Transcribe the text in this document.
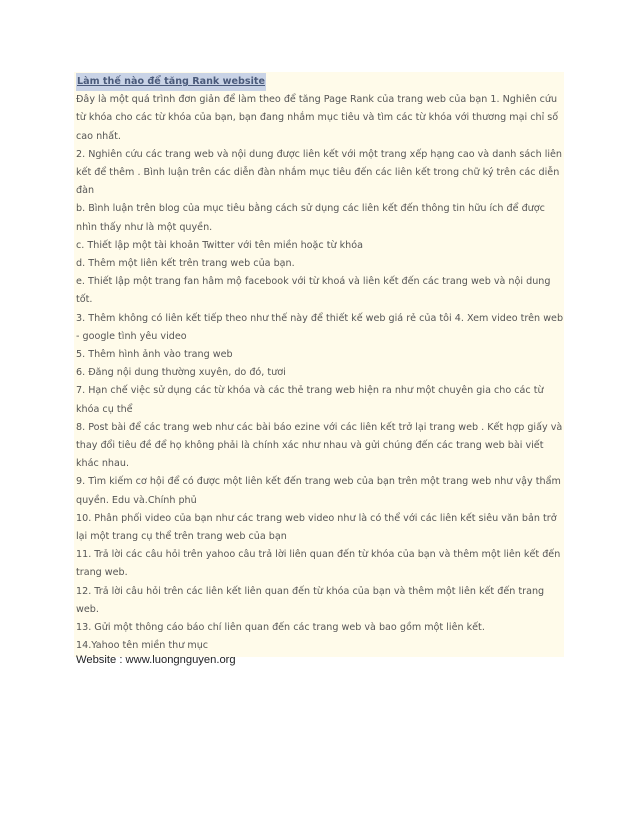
Làm thế nào để tăng Rank website

Đây là một quá trình đơn giản để làm theo để tăng Page Rank của trang web của bạn 1. Nghiên cứu từ khóa cho các từ khóa của bạn, bạn đang nhắm mục tiêu và tìm các từ khóa với thương mại chỉ số cao nhất.

2. Nghiên cứu các trang web và nội dung được liên kết với một trang xếp hạng cao và danh sách liên kết để thêm . Bình luận trên các diễn đàn nhắm mục tiêu đến các liên kết trong chữ ký trên các diễn đàn

b. Bình luận trên blog của mục tiêu bằng cách sử dụng các liên kết đến thông tin hữu ích để được nhìn thấy như là một quyền.

c. Thiết lập một tài khoản Twitter với tên miền hoặc từ khóa

d. Thêm một liên kết trên trang web của bạn.

e. Thiết lập một trang fan hâm mộ facebook với từ khoá và liên kết đến các trang web và nội dung tốt.

3. Thêm không có liên kết tiếp theo như thế này để thiết kế web giá rẻ của tôi 4. Xem video trên web - google tình yêu video

5. Thêm hình ảnh vào trang web

6. Đăng nội dung thường xuyên, do đó, tươi

7. Hạn chế việc sử dụng các từ khóa và các thẻ trang web hiện ra như một chuyên gia cho các từ khóa cụ thể

8. Post bài để các trang web như các bài báo ezine với các liên kết trở lại trang web . Kết hợp giấy và thay đổi tiêu đề để họ không phải là chính xác như nhau và gửi chúng đến các trang web bài viết khác nhau.

9. Tìm kiếm cơ hội để có được một liên kết đến trang web của bạn trên một trang web như vậy thẩm quyền. Edu và.Chính phủ

10. Phân phối video của bạn như các trang web video như là có thể với các liên kết siêu văn bản trở lại một trang cụ thể trên trang web của bạn

11. Trả lời các câu hỏi trên yahoo câu trả lời liên quan đến từ khóa của bạn và thêm một liên kết đến trang web.

12. Trả lời câu hỏi trên các liên kết liên quan đến từ khóa của bạn và thêm một liên kết đến trang web.

13. Gửi một thông cáo báo chí liên quan đến các trang web và bao gồm một liên kết.

14.Yahoo tên miền thư mục

Website : www.luongnguyen.org
